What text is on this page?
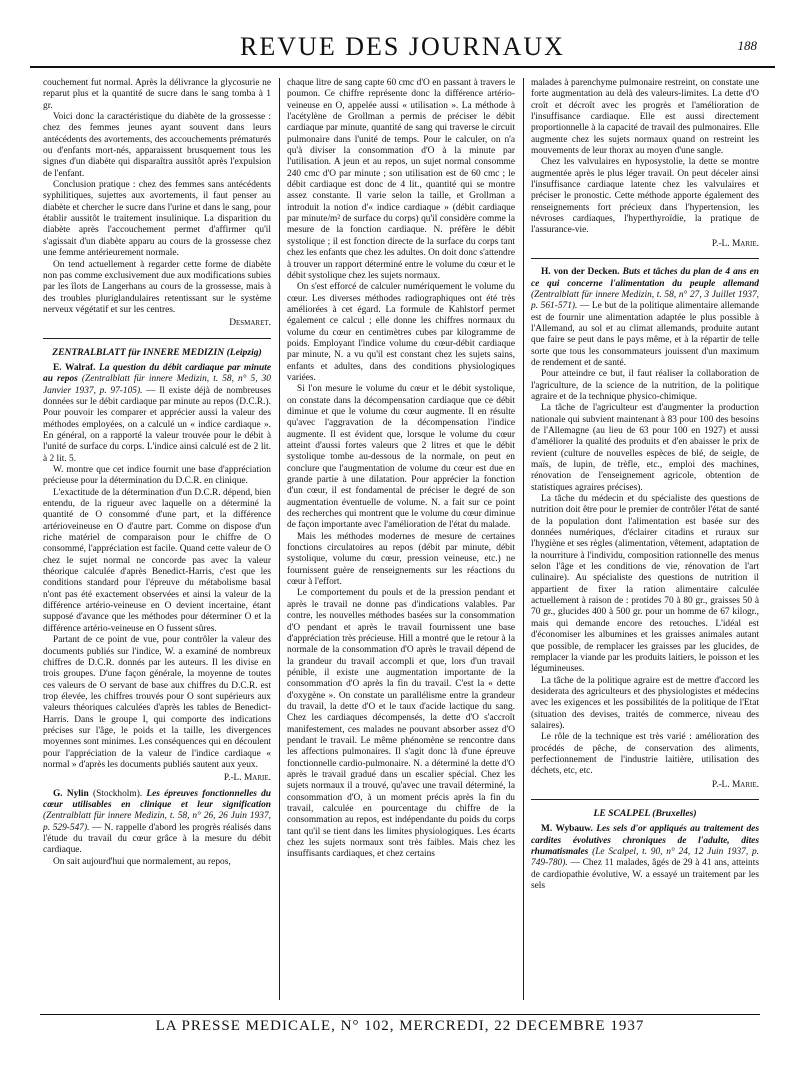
REVUE DES JOURNAUX	188

couchement fut normal. Après la délivrance la glycosurie ne reparut plus et la quantité de sucre dans le sang tomba à 1 gr.

Voici donc la caractéristique du diabète de la grossesse : chez des femmes jeunes ayant souvent dans leurs antécédents des avortements, des accouchements prématurés ou d'enfants mort-nés, apparaissent brusquement tous les signes d'un diabète qui disparaîtra aussitôt après l'expulsion de l'enfant.

Conclusion pratique : chez des femmes sans antécédents syphilitiques, sujettes aux avortements, il faut penser au diabète et chercher le sucre dans l'urine et dans le sang, pour établir aussitôt le traitement insulinique. La disparition du diabète après l'accouchement permet d'affirmer qu'il s'agissait d'un diabète apparu au cours de la grossesse chez une femme antérieurement normale.

On tend actuellement à regarder cette forme de diabète non pas comme exclusivement due aux modifications subies par les îlots de Langerhans au cours de la grossesse, mais à des troubles pluriglandulaires retentissant sur le système nerveux végétatif et sur les centres.

Desmaret.
ZENTRALBLATT für INNERE MEDIZIN (Leipzig)

E. Walraf. La question du débit cardiaque par minute au repos (Zentralblatt für innere Medizin, t. 58, n° 5, 30 Janvier 1937, p. 97-105). — Il existe déjà de nombreuses données sur le débit cardiaque par minute au repos (D.C.R.). Pour pouvoir les comparer et apprécier aussi la valeur des méthodes employées, on a calculé un « indice cardiaque ». En général, on a rapporté la valeur trouvée pour le débit à l'unité de surface du corps. L'indice ainsi calculé est de 2 lit. à 2 lit. 5.

W. montre que cet indice fournit une base d'appréciation précieuse pour la détermination du D.C.R. en clinique.

L'exactitude de la détermination d'un D.C.R. dépend, bien entendu, de la rigueur avec laquelle on a déterminé la quantité de O consommé d'une part, et la différence artérioveineuse en O d'autre part. Comme on dispose d'un riche matériel de comparaison pour le chiffre de O consommé, l'appréciation est facile. Quand cette valeur de O chez le sujet normal ne concorde pas avec la valeur théorique calculée d'après Benedict-Harris, c'est que les conditions standard pour l'épreuve du métabolisme basal n'ont pas été exactement observées et ainsi la valeur de la différence artério-veineuse en O devient incertaine, étant supposé d'avance que les méthodes pour déterminer O et la différence artério-veineuse en O fussent sûres.

Partant de ce point de vue, pour contrôler la valeur des documents publiés sur l'indice, W. a examiné de nombreux chiffres de D.C.R. donnés par les auteurs. Il les divise en trois groupes. D'une façon générale, la moyenne de toutes ces valeurs de O servant de base aux chiffres du D.C.R. est trop élevée, les chiffres trouvés pour O sont supérieurs aux valeurs théoriques calculées d'après les tables de Benedict-Harris. Dans le groupe I, qui comporte des indications précises sur l'âge, le poids et la taille, les divergences moyennes sont minimes. Les conséquences qui en découlent pour l'appréciation de la valeur de l'indice cardiaque « normal » d'après les documents publiés sautent aux yeux.

P.-L. Marie.

G. Nylin (Stockholm). Les épreuves fonctionnelles du cœur utilisables en clinique et leur signification (Zentralblatt für innere Medizin, t. 58, n° 26, 26 Juin 1937, p. 529-547). — N. rappelle d'abord les progrès réalisés dans l'étude du travail du cœur grâce à la mesure du débit cardiaque.

On sait aujourd'hui que normalement, au repos,

chaque litre de sang capte 60 cmc d'O en passant à travers le poumon. Ce chiffre représente donc la différence artério-veineuse en O, appelée aussi « utilisation ». La méthode à l'acétylène de Grollman a permis de préciser le débit cardiaque par minute, quantité de sang qui traverse le circuit pulmonaire dans l'unité de temps. Pour le calculer, on n'a qu'à diviser la consommation d'O à la minute par l'utilisation. A jeun et au repos, un sujet normal consomme 240 cmc d'O par minute ; son utilisation est de 60 cmc ; le débit cardiaque est donc de 4 lit., quantité qui se montre assez constante. Il varie selon la taille, et Grollman a introduit la notion d'« indice cardiaque » (débit cardiaque par minute/m² de surface du corps) qu'il considère comme la mesure de la fonction cardiaque. N. préfère le débit systolique ; il est fonction directe de la surface du corps tant chez les enfants que chez les adultes. On doit donc s'attendre à trouver un rapport déterminé entre le volume du cœur et le débit systolique chez les sujets normaux.

On s'est efforcé de calculer numériquement le volume du cœur. Les diverses méthodes radiographiques ont été très améliorées à cet égard. La formule de Kahlstorf permet également ce calcul ; elle donne les chiffres normaux du volume du cœur en centimètres cubes par kilogramme de poids. Employant l'indice volume du cœur-débit cardiaque par minute, N. a vu qu'il est constant chez les sujets sains, enfants et adultes, dans des conditions physiologiques variées.

Si l'on mesure le volume du cœur et le débit systolique, on constate dans la décompensation cardiaque que ce débit diminue et que le volume du cœur augmente. Il en résulte qu'avec l'aggravation de la décompensation l'indice augmente. Il est évident que, lorsque le volume du cœur atteint d'aussi fortes valeurs que 2 litres et que le débit systolique tombe au-dessous de la normale, on peut en conclure que l'augmentation de volume du cœur est due en grande partie à une dilatation. Pour apprécier la fonction d'un cœur, il est fondamental de préciser le degré de son augmentation éventuelle de volume. N. a fait sur ce point des recherches qui montrent que le volume du cœur diminue de façon importante avec l'amélioration de l'état du malade.

Mais les méthodes modernes de mesure de certaines fonctions circulatoires au repos (débit par minute, débit systolique, volume du cœur, pression veineuse, etc.) ne fournissent guère de renseignements sur les réactions du cœur à l'effort.

Le comportement du pouls et de la pression pendant et après le travail ne donne pas d'indications valables. Par contre, les nouvelles méthodes basées sur la consommation d'O pendant et après le travail fournissent une base d'appréciation très précieuse. Hill a montré que le retour à la normale de la consommation d'O après le travail dépend de la grandeur du travail accompli et que, lors d'un travail pénible, il existe une augmentation importante de la consommation d'O après la fin du travail. C'est la « dette d'oxygène ». On constate un parallélisme entre la grandeur du travail, la dette d'O et le taux d'acide lactique du sang. Chez les cardiaques décompensés, la dette d'O s'accroît manifestement, ces malades ne pouvant absorber assez d'O pendant le travail. Le même phénomène se rencontre dans les affections pulmonaires. Il s'agit donc là d'une épreuve fonctionnelle cardio-pulmonaire. N. a déterminé la dette d'O après le travail gradué dans un escalier spécial. Chez les sujets normaux il a trouvé, qu'avec une travail déterminé, la consommation d'O, à un moment précis après la fin du travail, calculée en pourcentage du chiffre de la consommation au repos, est indépendante du poids du corps tant qu'il se tient dans les limites physiologiques. Les écarts chez les sujets normaux sont très faibles. Mais chez les insuffisants cardiaques, et chez certains

malades à parenchyme pulmonaire restreint, on constate une forte augmentation au delà des valeurs-limites. La dette d'O croît et décroît avec les progrès et l'amélioration de l'insuffisance cardiaque. Elle est aussi directement proportionnelle à la capacité de travail des pulmonaires. Elle augmente chez les sujets normaux quand on restreint les mouvements de leur thorax au moyen d'une sangle.

Chez les valvulaires en hyposystolie, la dette se montre augmentée après le plus léger travail. On peut déceler ainsi l'insuffisance cardiaque latente chez les valvulaires et préciser le pronostic. Cette méthode apporte également des renseignements fort précieux dans l'hypertension, les névroses cardiaques, l'hyperthyroïdie, la pratique de l'assurance-vie.

P.-L. Marie.

H. von der Decken. Buts et tâches du plan de 4 ans en ce qui concerne l'alimentation du peuple allemand (Zentralblatt für innere Medizin, t. 58, n° 27, 3 Juillet 1937, p. 561-571). — Le but de la politique alimentaire allemande est de fournir une alimentation adaptée le plus possible à l'Allemand, au sol et au climat allemands, produite autant que faire se peut dans le pays même, et à la répartir de telle sorte que tous les consommateurs jouissent d'un maximum de rendement et de santé.

Pour atteindre ce but, il faut réaliser la collaboration de l'agriculture, de la science de la nutrition, de la politique agraire et de la technique physico-chimique.

La tâche de l'agriculteur est d'augmenter la production nationale qui subvient maintenant à 83 pour 100 des besoins de l'Allemagne (au lieu de 63 pour 100 en 1927) et aussi d'améliorer la qualité des produits et d'en abaisser le prix de revient (culture de nouvelles espèces de blé, de seigle, de maïs, de lupin, de trèfle, etc., emploi des machines, rénovation de l'enseignement agricole, obtention de statistiques agraires précises).

La tâche du médecin et du spécialiste des questions de nutrition doit être pour le premier de contrôler l'état de santé de la population dont l'alimentation est basée sur des données numériques, d'éclairer citadins et ruraux sur l'hygiène et ses règles (alimentation, vêtement, adaptation de la nourriture à l'individu, composition rationnelle des menus selon l'âge et les conditions de vie, rénovation de l'art culinaire). Au spécialiste des questions de nutrition il appartient de fixer la ration alimentaire calculée actuellement à raison de : protides 70 à 80 gr., graisses 50 à 70 gr., glucides 400 à 500 gr. pour un homme de 67 kilogr., mais qui demande encore des retouches. L'idéal est d'économiser les albumines et les graisses animales autant que possible, de remplacer les graisses par les glucides, de remplacer la viande par les produits laitiers, le poisson et les légumineuses.

La tâche de la politique agraire est de mettre d'accord les desiderata des agriculteurs et des physiologistes et médecins avec les exigences et les possibilités de la politique de l'Etat (situation des devises, traités de commerce, niveau des salaires).

Le rôle de la technique est très varié : amélioration des procédés de pêche, de conservation des aliments, perfectionnement de l'industrie laitière, utilisation des déchets, etc, etc.

P.-L. Marie.
LE SCALPEL (Bruxelles)

M. Wybauw. Les sels d'or appliqués au traitement des cardites évolutives chroniques de l'adulte, dites rhumatismales (Le Scalpel, t. 90, n° 24, 12 Juin 1937, p. 749-780). — Chez 11 malades, âgés de 29 à 41 ans, atteints de cardiopathie évolutive, W. a essayé un traitement par les sels

LA PRESSE MEDICALE, N° 102, MERCREDI, 22 DECEMBRE 1937
